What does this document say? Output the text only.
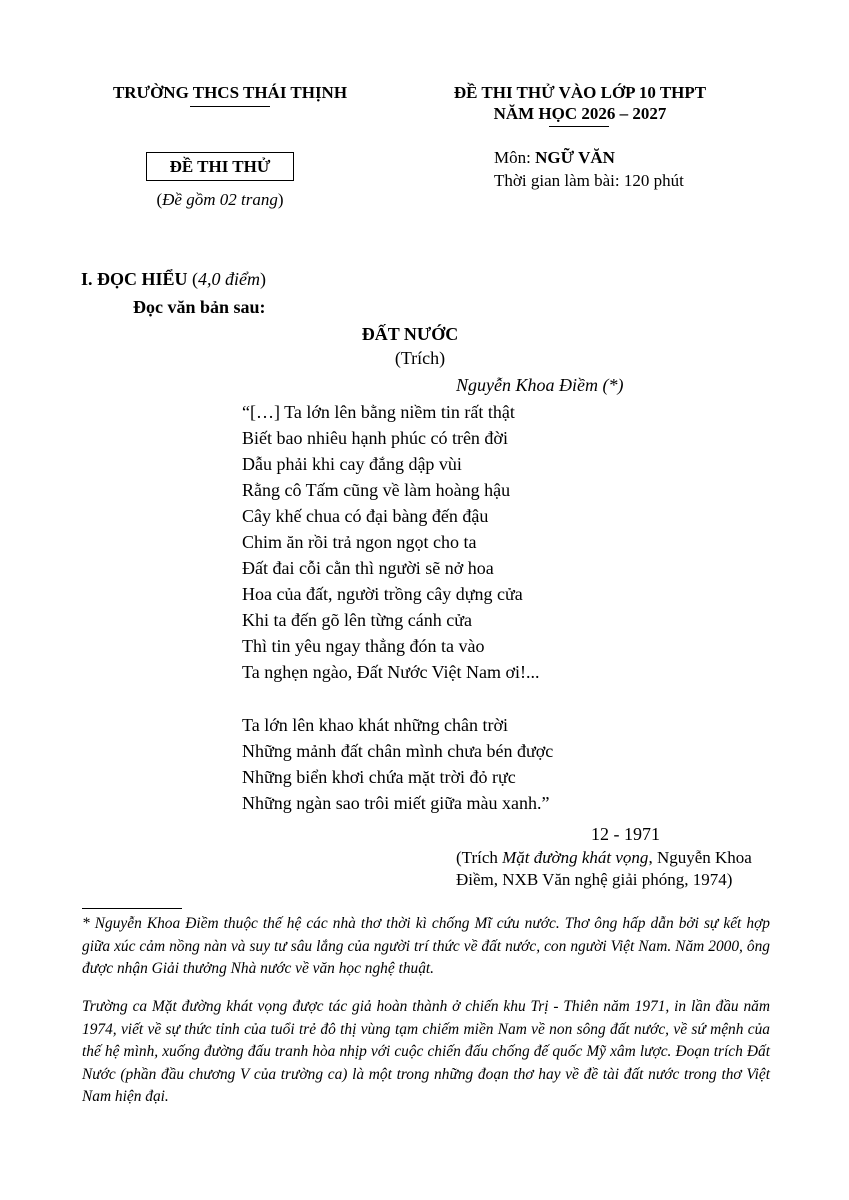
TRƯỜNG THCS THÁI THỊNH	ĐỀ THI THỬ VÀO LỚP 10 THPT
NĂM HỌC 2026 – 2027
ĐỀ THI THỬ
(Đề gồm 02 trang)
Môn: NGỮ VĂN
Thời gian làm bài: 120 phút
I. ĐỌC HIỂU (4,0 điểm)
Đọc văn bản sau:
ĐẤT NƯỚC
(Trích)
Nguyễn Khoa Điềm (*)
“[…] Ta lớn lên bằng niềm tin rất thật
Biết bao nhiêu hạnh phúc có trên đời
Dẫu phải khi cay đắng dập vùi
Rằng cô Tấm cũng về làm hoàng hậu
Cây khế chua có đại bàng đến đậu
Chim ăn rồi trả ngon ngọt cho ta
Đất đai cỗi cằn thì người sẽ nở hoa
Hoa của đất, người trồng cây dựng cửa
Khi ta đến gõ lên từng cánh cửa
Thì tin yêu ngay thẳng đón ta vào
Ta nghẹn ngào, Đất Nước Việt Nam ơi!...
Ta lớn lên khao khát những chân trời
Những mảnh đất chân mình chưa bén được
Những biển khơi chứa mặt trời đỏ rực
Những ngàn sao trôi miết giữa màu xanh.”
12 - 1971
(Trích Mặt đường khát vọng, Nguyễn Khoa
Điềm, NXB Văn nghệ giải phóng, 1974)
* Nguyễn Khoa Điềm thuộc thế hệ các nhà thơ thời kì chống Mĩ cứu nước. Thơ ông hấp dẫn bởi sự kết hợp giữa xúc cảm nồng nàn và suy tư sâu lắng của người trí thức về đất nước, con người Việt Nam. Năm 2000, ông được nhận Giải thưởng Nhà nước về văn học nghệ thuật.
Trường ca Mặt đường khát vọng được tác giả hoàn thành ở chiến khu Trị - Thiên năm 1971, in lần đầu năm 1974, viết về sự thức tỉnh của tuổi trẻ đô thị vùng tạm chiếm miền Nam về non sông đất nước, về sứ mệnh của thế hệ mình, xuống đường đấu tranh hòa nhịp với cuộc chiến đấu chống đế quốc Mỹ xâm lược. Đoạn trích Đất Nước (phần đầu chương V của trường ca) là một trong những đoạn thơ hay về đề tài đất nước trong thơ Việt Nam hiện đại.
